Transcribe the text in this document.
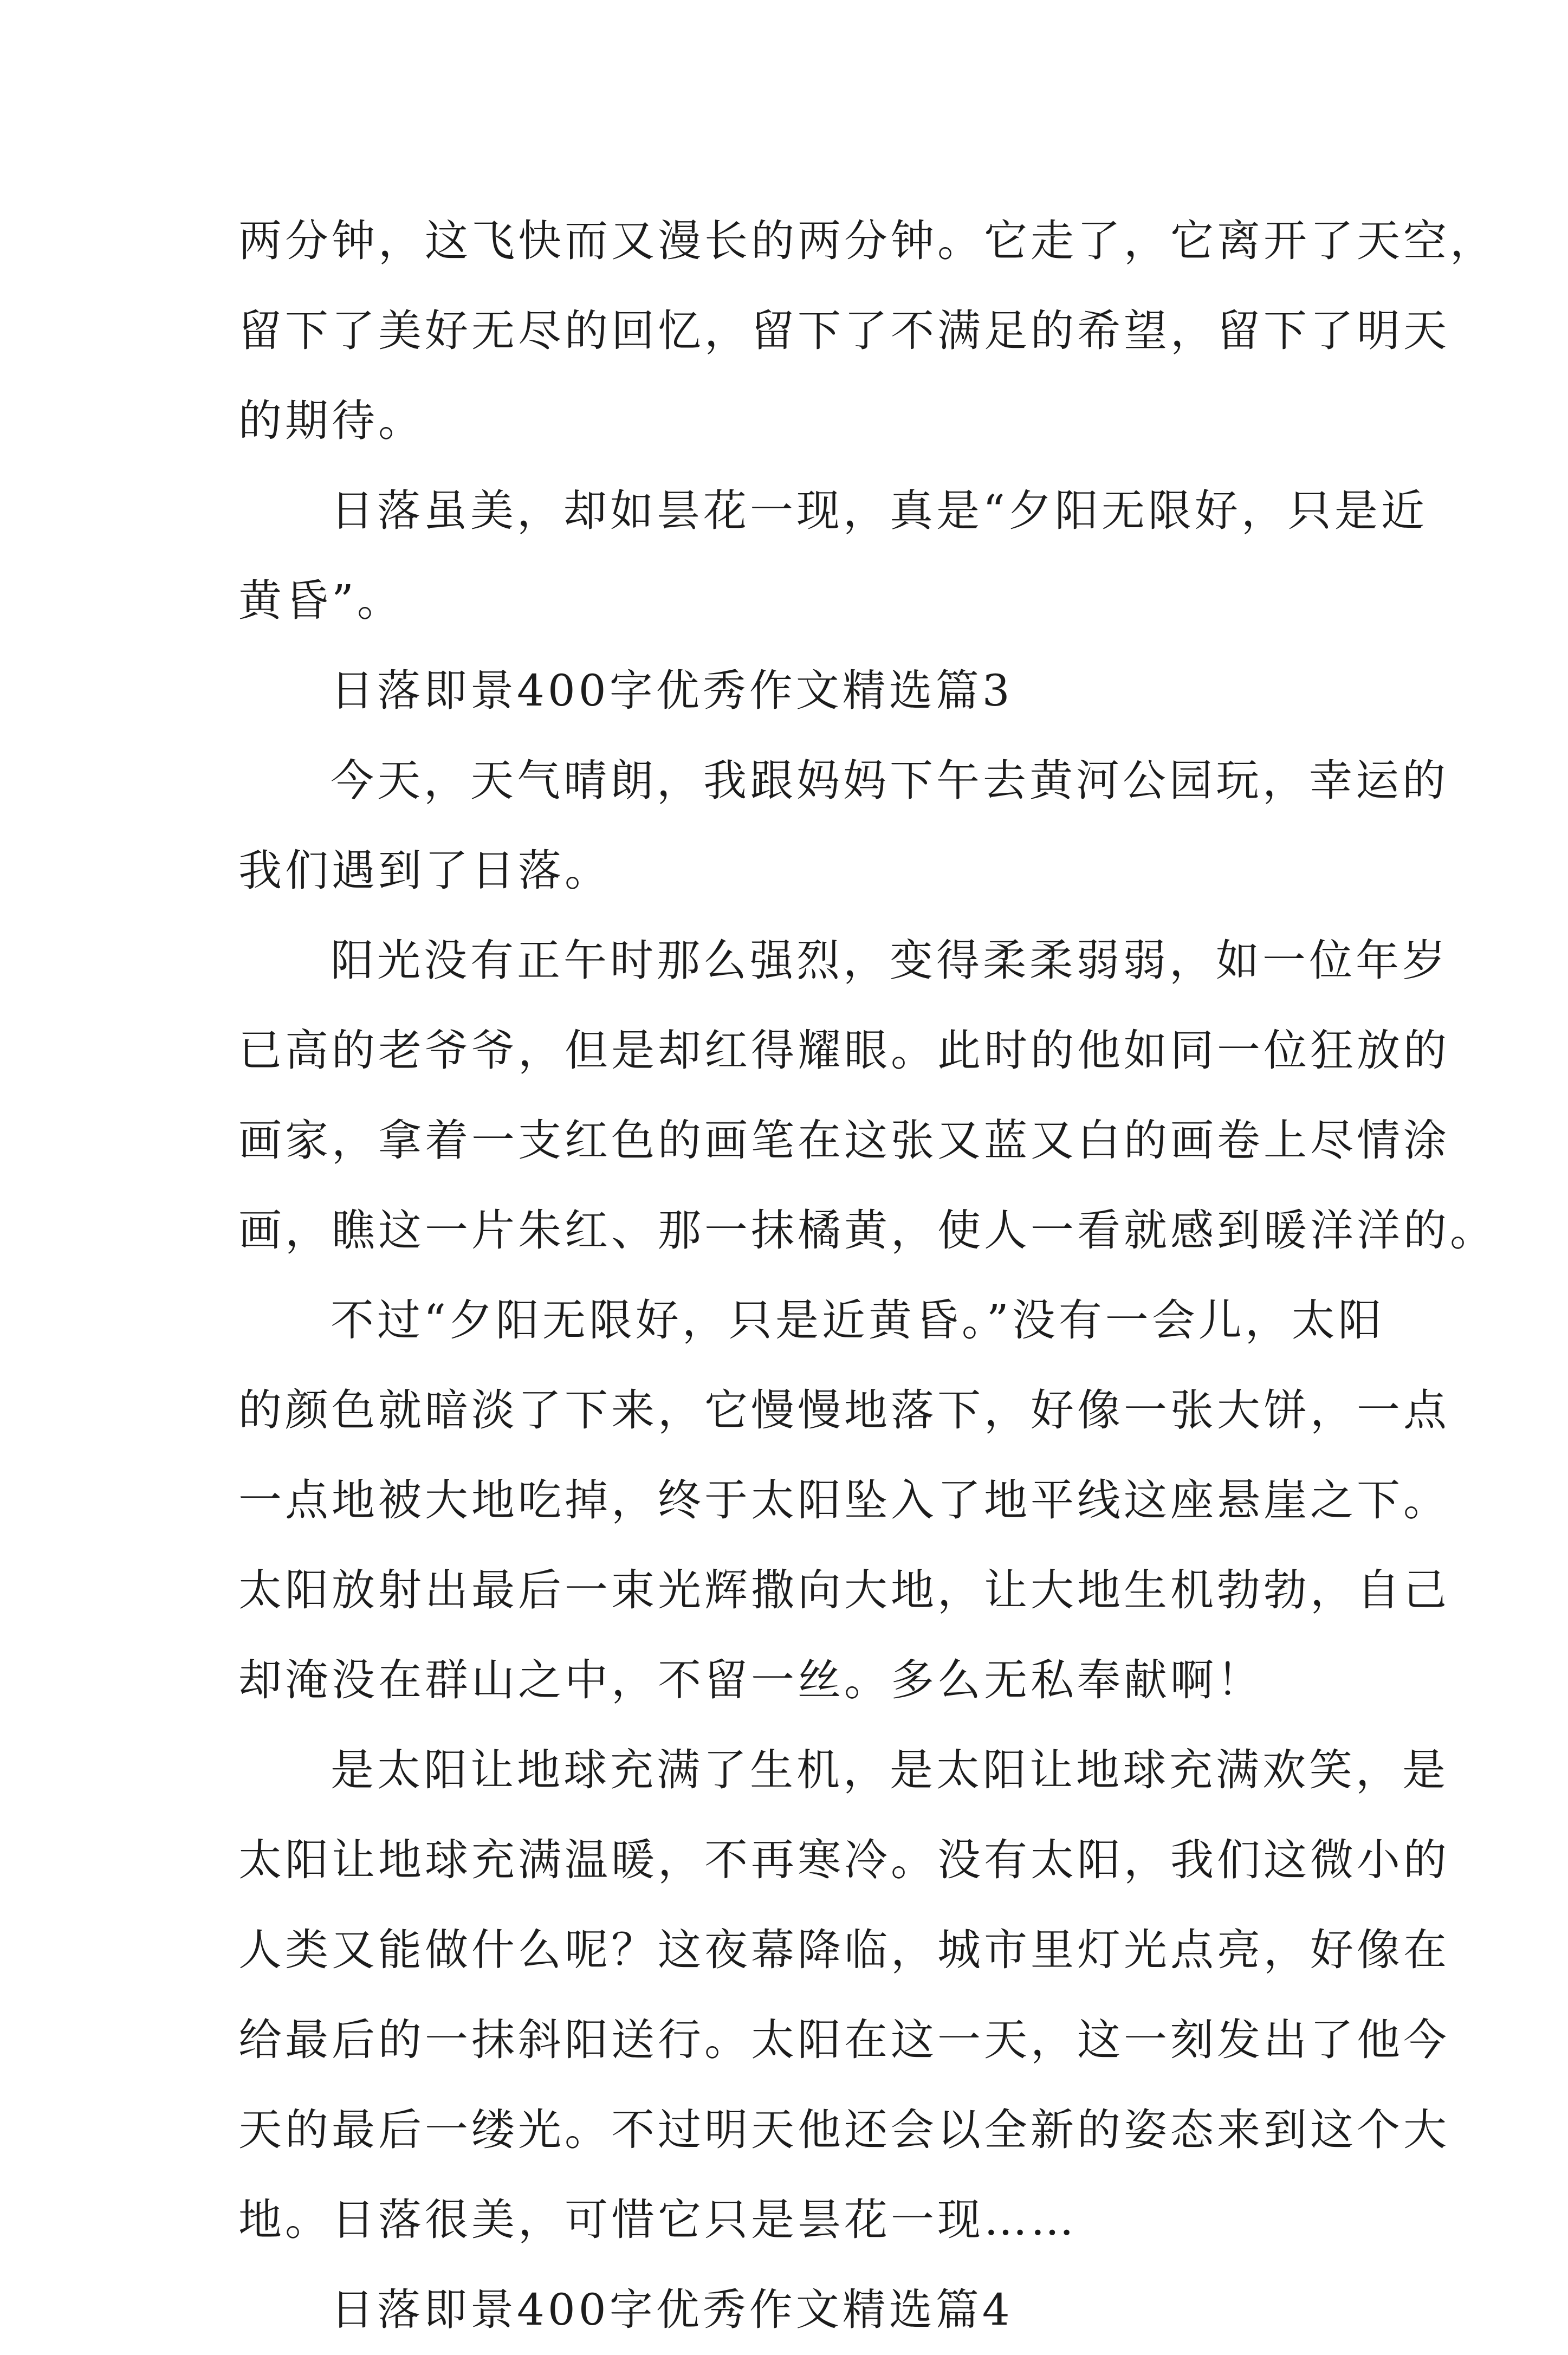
两分钟，这飞快而又漫长的两分钟。它走了，它离开了天空，
留下了美好无尽的回忆，留下了不满足的希望，留下了明天
的期待。

日落虽美，却如昙花一现，真是“夕阳无限好，只是近
黄昏”。

日落即景400字优秀作文精选篇3

今天，天气晴朗，我跟妈妈下午去黄河公园玩，幸运的
我们遇到了日落。

阳光没有正午时那么强烈，变得柔柔弱弱，如一位年岁
已高的老爷爷，但是却红得耀眼。此时的他如同一位狂放的
画家，拿着一支红色的画笔在这张又蓝又白的画卷上尽情涂
画，瞧这一片朱红、那一抹橘黄，使人一看就感到暖洋洋的。

不过“夕阳无限好，只是近黄昏。”没有一会儿，太阳
的颜色就暗淡了下来，它慢慢地落下，好像一张大饼，一点
一点地被大地吃掉，终于太阳坠入了地平线这座悬崖之下。
太阳放射出最后一束光辉撒向大地，让大地生机勃勃，自己
却淹没在群山之中，不留一丝。多么无私奉献啊！

是太阳让地球充满了生机，是太阳让地球充满欢笑，是
太阳让地球充满温暖，不再寒冷。没有太阳，我们这微小的
人类又能做什么呢？这夜幕降临，城市里灯光点亮，好像在
给最后的一抹斜阳送行。太阳在这一天，这一刻发出了他今
天的最后一缕光。不过明天他还会以全新的姿态来到这个大
地。日落很美，可惜它只是昙花一现……

日落即景400字优秀作文精选篇4
